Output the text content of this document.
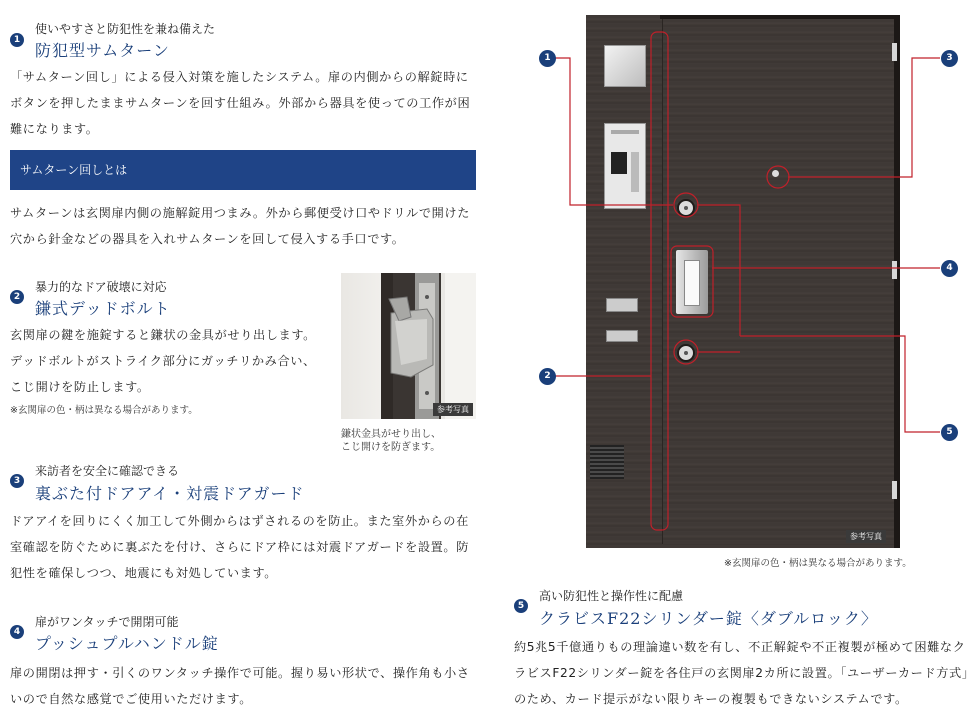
1
使いやすさと防犯性を兼ね備えた
防犯型サムターン
「サムターン回し」による侵入対策を施したシステム。扉の内側からの解錠時にボタンを押したままサムターンを回す仕組み。外部から器具を使っての工作が困難になります。
サムターン回しとは
サムターンは玄関扉内側の施解錠用つまみ。外から郵便受け口やドリルで開けた穴から針金などの器具を入れサムターンを回して侵入する手口です。
2
暴力的なドア破壊に対応
鎌式デッドボルト
玄関扉の鍵を施錠すると鎌状の金具がせり出します。デッドボルトがストライク部分にガッチリかみ合い、こじ開けを防止します。
※玄関扉の色・柄は異なる場合があります。	参考写真
鎌状金具がせり出し、
こじ開けを防ぎます。
3
来訪者を安全に確認できる
裏ぶた付ドアアイ・対震ドアガード
ドアアイを回りにくく加工して外側からはずされるのを防止。また室外からの在室確認を防ぐために裏ぶたを付け、さらにドア枠には対震ドアガードを設置。防犯性を確保しつつ、地震にも対処しています。
4
扉がワンタッチで開閉可能
プッシュプルハンドル錠
扉の開閉は押す・引くのワンタッチ操作で可能。握り易い形状で、操作角も小さいので自然な感覚でご使用いただけます。
参考写真
1
2
3
4
5
※玄関扉の色・柄は異なる場合があります。
5
高い防犯性と操作性に配慮
クラビスF22シリンダー錠〈ダブルロック〉
約5兆5千億通りもの理論違い数を有し、不正解錠や不正複製が極めて困難なクラビスF22シリンダー錠を各住戸の玄関扉2カ所に設置。「ユーザーカード方式」のため、カード提示がない限りキーの複製もできないシステムです。
